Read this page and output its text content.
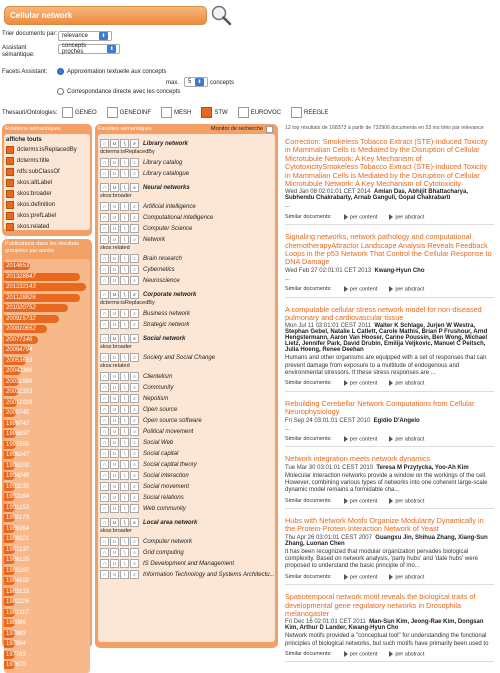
Cellular network
Trier documents par: relevance	⬍
Assistant sémantique:
concepts proches	⬍
Facets Assistant:	Approximation textuelle aux concepts
max. 5	⬍	concepts
Correspondance directe avec les concepts
Thesauri/Ontologies:	GENEO	GENEOINF	MESH	STW	EUROVOC	REEGLE
Relations sémantiques
affiche touts
dcterms:isReplacedBy
dcterms:title
rdfs:subClassOf
skos:altLabel
skos:broader
skos:definition
skos:prefLabel
skos:related
Publications dans les résultats groupées par année
2014 653
2013 28647
2012 32143
2011 28826
2010 20752
2009 15732
2008 10652
2007 7146
2006 4794
2005 3683
2004 2386
2003 1589
2002 1353
2001 1028
2000 745
1999 742
1998 697
1997 595
1996 247
1995 200
1994 246
1993 235
1992 184
1991 153
1990 173
1989 164
1988 121
1987 137
1986 125
1985 107
1984 102
1983 133
1982 126
1981 117
1980 86
1979 83
1978 84
1977 83
1976 70
Facettes sémantiques	Monitor de recherche
∩	∪	∖	⌕	Library network
dcterms:isReplacedBy
∩	∪	∖	⌕	Library catalog
∩	∪	∖	⌕	Library catalogue
∩	∪	∖	⌕	Neural networks
skos:broader
∩	∪	∖	⌕	Artificial intelligence
∩	∪	∖	⌕	Computational intelligence
∩	∪	∖	⌕	Computer Science
∩	∪	∖	⌕	Network
skos:related
∩	∪	∖	⌕	Brain research
∩	∪	∖	⌕	Cybernetics
∩	∪	∖	⌕	Neuroscience
∩	∪	∖	⌕	Corporate network
dcterms:isReplacedBy
∩	∪	∖	⌕	Business network
∩	∪	∖	⌕	Strategic network
∩	∪	∖	⌕	Social network
skos:broader
∩	∪	∖	⌕	Society and Social Change
skos:related
∩	∪	∖	⌕	Clientelism
∩	∪	∖	⌕	Community
∩	∪	∖	⌕	Nepotism
∩	∪	∖	⌕	Open source
∩	∪	∖	⌕	Open source software
∩	∪	∖	⌕	Political movement
∩	∪	∖	⌕	Social Web
∩	∪	∖	⌕	Social capital
∩	∪	∖	⌕	Social capital theory
∩	∪	∖	⌕	Social interaction
∩	∪	∖	⌕	Social movement
∩	∪	∖	⌕	Social relations
∩	∪	∖	⌕	Web community
∩	∪	∖	⌕	Local area network
skos:broader
∩	∪	∖	⌕	Computer network
∩	∪	∖	⌕	Grid computing
∩	∪	∖	⌕	IS Development and Management
∩	∪	∖	⌕	Information Technology and Systems Architectu...
12 top résultats de 168373 à partir de 732906 documents en 53 ms triés par relevance
Correction: Smokeless Tobacco Extract (STE)-Induced Toxicity in Mammalian Cells is Mediated by the Disruption of Cellular Microtubule Network: A Key Mechanism of CytotoxicitySmokeless Tobacco Extract (STE)-Induced Toxicity in Mammalian Cells is Mediated by the Disruption of Cellular Microtubule Network: A Key Mechanism of Cytotoxicity
Wed Jan 08 02:01:01 CET 2014 Amlan Das, Abhijit Bhattacharya, Subhendu Chakrabarty, Arnab Ganguli, Gopal Chakrabarti
...
Similar documents:	per content	per abstract
Signaling networks, network pathology and computational chemotherapyAttractor Landscape Analysis Reveals Feedback Loops in the p53 Network That Control the Cellular Response to DNA Damage
Wed Feb 27 02:01:01 CET 2013 Kwang-Hyun Cho
...
Similar documents:	per content	per abstract
A computable cellular stress network model for non-diseased pulmonary and cardiovascular tissue
Mon Jul 11 03:01:01 CEST 2011 Walter K Schlage, Jurjen W Westra, Stephan Gebel, Natalie L Catlett, Carole Mathis, Brian P Frushour, Arnd Hengstermann, Aaron Van Hooser, Carine Poussin, Ben Wong, Michael Lietz, Jennifer Park, David Drubin, Emilija Veljkovic, Manuel C Peitsch, Julia Hoeng, Renee Deehan
Humans and other organisms are equipped with a set of responses that can prevent damage from exposure to a multitude of endogenous and environmental stressors. If these stress responses are ...
Similar documents:	per content	per abstract
Rebuilding Cerebellar Network Computations from Cellular Neurophysiology
Fri Sep 24 03:01:01 CEST 2010 Egidio D'Angelo
...
Similar documents:	per content	per abstract
Network integration meets network dynamics
Tue Mar 30 03:01:01 CEST 2010 Teresa M Przytycka, Yoo-Ah Kim
Molecular interaction networks provide a window on the workings of the cell. However, combining various types of networks into one coherent large-scale dynamic model remains a formidable cha...
Similar documents:	per content	per abstract
Hubs with Network Motifs Organize Modularity Dynamically in the Protein-Protein Interaction Network of Yeast
Thu Apr 26 03:01:01 CEST 2007 Guangxu Jin, Shihua Zhang, Xiang-Sun Zhang, Luonan Chen
It has been recognized that modular organization pervades biological complexity. Based on network analysis, 'party hubs' and 'date hubs' were proposed to understand the basic principle of mo...
Similar documents:	per content	per abstract
Spatiotemporal network motif reveals the biological traits of developmental gene regulatory networks in Drosophila melanogaster
Fri Dec 16 02:01:01 CET 2011 Man-Sun Kim, Jeong-Rae Kim, Dongsan Kim, Arthur D Lander, Kwang-Hyun Cho
Network motifs provided a "conceptual tool" for understanding the functional principles of biological networks, but such motifs have primarily been used to
Similar documents:	per content	per abstract
